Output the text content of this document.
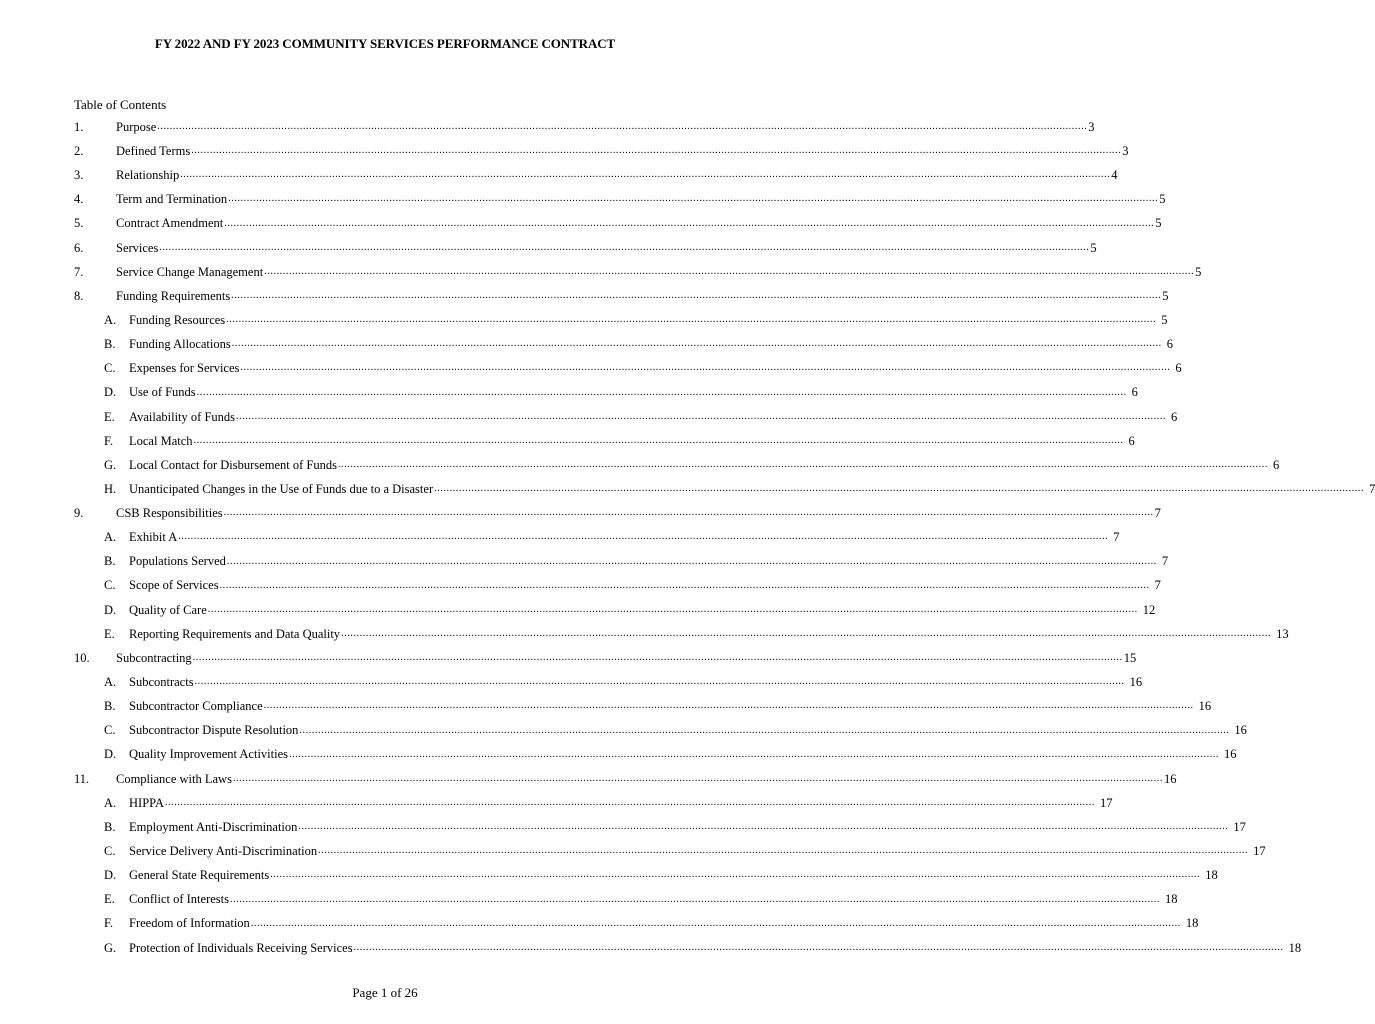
FY 2022 AND FY 2023 COMMUNITY SERVICES PERFORMANCE CONTRACT
Table of Contents
1.	Purpose ............................................................................................................................................................................................................................................................................................................ 3
2.	Defined Terms ............................................................................................................................................................................................................................................................................................................ 3
3.	Relationship ............................................................................................................................................................................................................................................................................................................ 4
4.	Term and Termination ............................................................................................................................................................................................................................................................................................................ 5
5.	Contract Amendment ............................................................................................................................................................................................................................................................................................................ 5
6.	Services ............................................................................................................................................................................................................................................................................................................ 5
7.	Service Change Management ............................................................................................................................................................................................................................................................................................................ 5
8.	Funding Requirements ............................................................................................................................................................................................................................................................................................................ 5
A.	Funding Resources ............................................................................................................................................................................................................................................................................................................ 5
B.	Funding Allocations ............................................................................................................................................................................................................................................................................................................ 6
C.	Expenses for Services ............................................................................................................................................................................................................................................................................................................ 6
D.	Use of Funds ............................................................................................................................................................................................................................................................................................................ 6
E.	Availability of Funds ............................................................................................................................................................................................................................................................................................................ 6
F.	Local Match ............................................................................................................................................................................................................................................................................................................ 6
G.	Local Contact for Disbursement of Funds ............................................................................................................................................................................................................................................................................................................ 6
H.	Unanticipated Changes in the Use of Funds due to a Disaster ............................................................................................................................................................................................................................................................................................................ 7
9.	CSB Responsibilities ............................................................................................................................................................................................................................................................................................................ 7
A.	Exhibit A ............................................................................................................................................................................................................................................................................................................ 7
B.	Populations Served ............................................................................................................................................................................................................................................................................................................ 7
C.	Scope of Services ............................................................................................................................................................................................................................................................................................................ 7
D.	Quality of Care ............................................................................................................................................................................................................................................................................................................ 12
E.	Reporting Requirements and Data Quality ............................................................................................................................................................................................................................................................................................................ 13
10.	Subcontracting ............................................................................................................................................................................................................................................................................................................ 15
A.	Subcontracts ............................................................................................................................................................................................................................................................................................................ 16
B.	Subcontractor Compliance ............................................................................................................................................................................................................................................................................................................ 16
C.	Subcontractor Dispute Resolution ............................................................................................................................................................................................................................................................................................................ 16
D.	Quality Improvement Activities ............................................................................................................................................................................................................................................................................................................ 16
11.	Compliance with Laws ............................................................................................................................................................................................................................................................................................................ 16
A.	HIPPA ............................................................................................................................................................................................................................................................................................................ 17
B.	Employment Anti-Discrimination ............................................................................................................................................................................................................................................................................................................ 17
C.	Service Delivery Anti-Discrimination ............................................................................................................................................................................................................................................................................................................ 17
D.	General State Requirements ............................................................................................................................................................................................................................................................................................................ 18
E.	Conflict of Interests ............................................................................................................................................................................................................................................................................................................ 18
F.	Freedom of Information ............................................................................................................................................................................................................................................................................................................ 18
G.	Protection of Individuals Receiving Services ............................................................................................................................................................................................................................................................................................................ 18
Page 1 of 26
